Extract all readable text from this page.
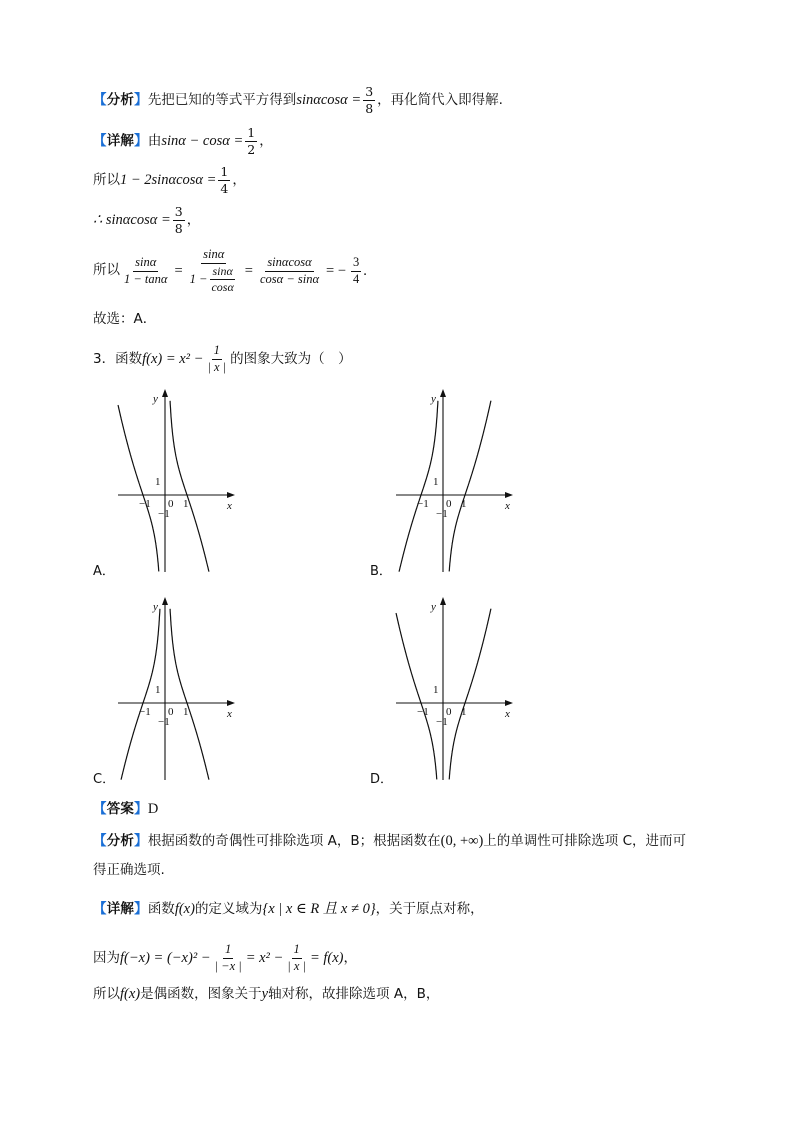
【分析】 先把已知的等式平方得到 $\sin\alpha\cos\alpha = \frac{3}{8}$ ，再化简代入即得解.
【详解】 由 $\sin\alpha - \cos\alpha = \frac{1}{2}$ ，
所以 $1 - 2\sin\alpha\cos\alpha = \frac{1}{4}$ ，
∴ $\sin\alpha\cos\alpha = \frac{3}{8}$ ，
所以 $\frac{\sin\alpha}{1 - \tan\alpha} = \frac{\sin\alpha}{1 - \frac{\sin\alpha}{\cos\alpha}} = \frac{\sin\alpha\cos\alpha}{\cos\alpha - \sin\alpha}$ = − $\frac{3}{4}$ .
故选：A．
3．函数 $f(x) = x^2 - \frac{1}{| x |}$ 的图象大致为（　）
y
x
1
1
−1
−1
0
y
x
1
1
−1
−1
0
y
x
1
1
−1
−1
0
y
x
1
1
−1
−1
0
A．	B．
C．	D．
【答案】 D
【分析】 根据函数的奇偶性可排除选项 A，B；根据函数在 (0, +∞) 上的单调性可排除选项 C，进而可
得正确选项.
【详解】 函数 f(x) 的定义域为 {x | x ∈ R 且 x ≠ 0} ，关于原点对称，
因为 $f(-x) = (-x)^2 - \frac{1}{| -x |} = x^2 - \frac{1}{| x |} = f(x)$ ，
所以 f(x) 是偶函数，图象关于 y 轴对称，故排除选项 A，B，
